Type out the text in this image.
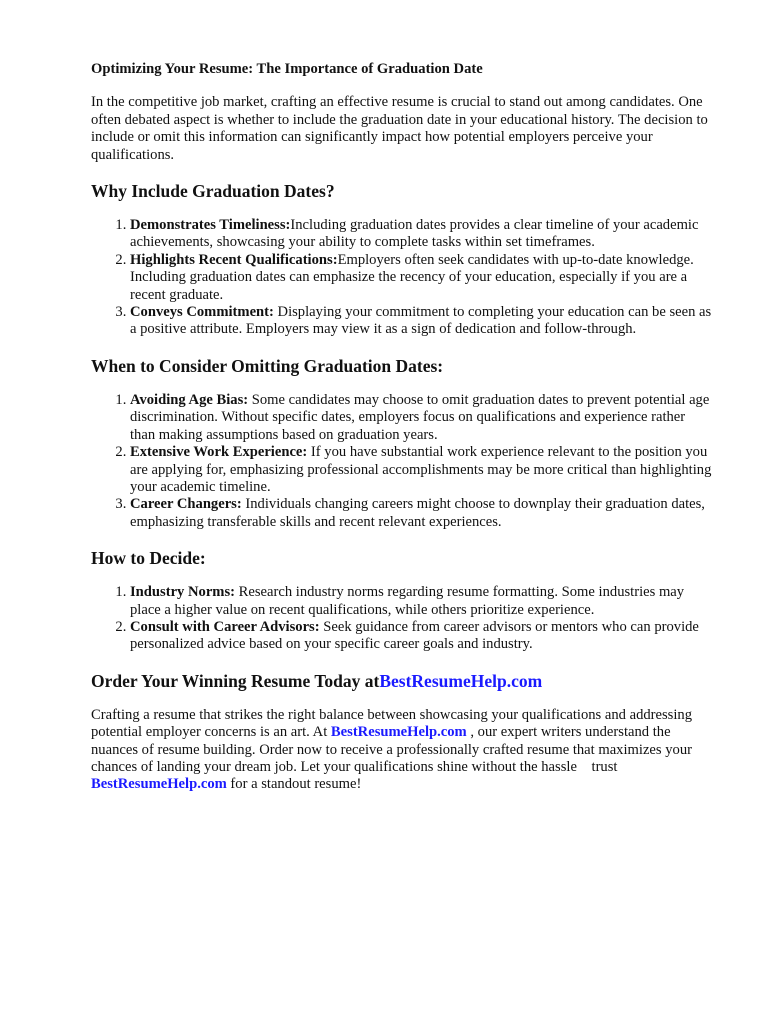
Optimizing Your Resume: The Importance of Graduation Date

In the competitive job market, crafting an effective resume is crucial to stand out among candidates. One often debated aspect is whether to include the graduation date in your educational history. The decision to include or omit this information can significantly impact how potential employers perceive your qualifications.

Why Include Graduation Dates?
1. Demonstrates Timeliness:Including graduation dates provides a clear timeline of your academic achievements, showcasing your ability to complete tasks within set timeframes.
2. Highlights Recent Qualifications:Employers often seek candidates with up-to-date knowledge. Including graduation dates can emphasize the recency of your education, especially if you are a recent graduate.
3. Conveys Commitment: Displaying your commitment to completing your education can be seen as a positive attribute. Employers may view it as a sign of dedication and follow-through.
When to Consider Omitting Graduation Dates:
1. Avoiding Age Bias: Some candidates may choose to omit graduation dates to prevent potential age discrimination. Without specific dates, employers focus on qualifications and experience rather than making assumptions based on graduation years.
2. Extensive Work Experience: If you have substantial work experience relevant to the position you are applying for, emphasizing professional accomplishments may be more critical than highlighting your academic timeline.
3. Career Changers: Individuals changing careers might choose to downplay their graduation dates, emphasizing transferable skills and recent relevant experiences.
How to Decide:
1. Industry Norms: Research industry norms regarding resume formatting. Some industries may place a higher value on recent qualifications, while others prioritize experience.
2. Consult with Career Advisors: Seek guidance from career advisors or mentors who can provide personalized advice based on your specific career goals and industry.
Order Your Winning Resume Today atBestResumeHelp.com

Crafting a resume that strikes the right balance between showcasing your qualifications and addressing potential employer concerns is an art. At BestResumeHelp.com , our expert writers understand the nuances of resume building. Order now to receive a professionally crafted resume that maximizes your chances of landing your dream job. Let your qualifications shine without the hassle    trust BestResumeHelp.com for a standout resume!
